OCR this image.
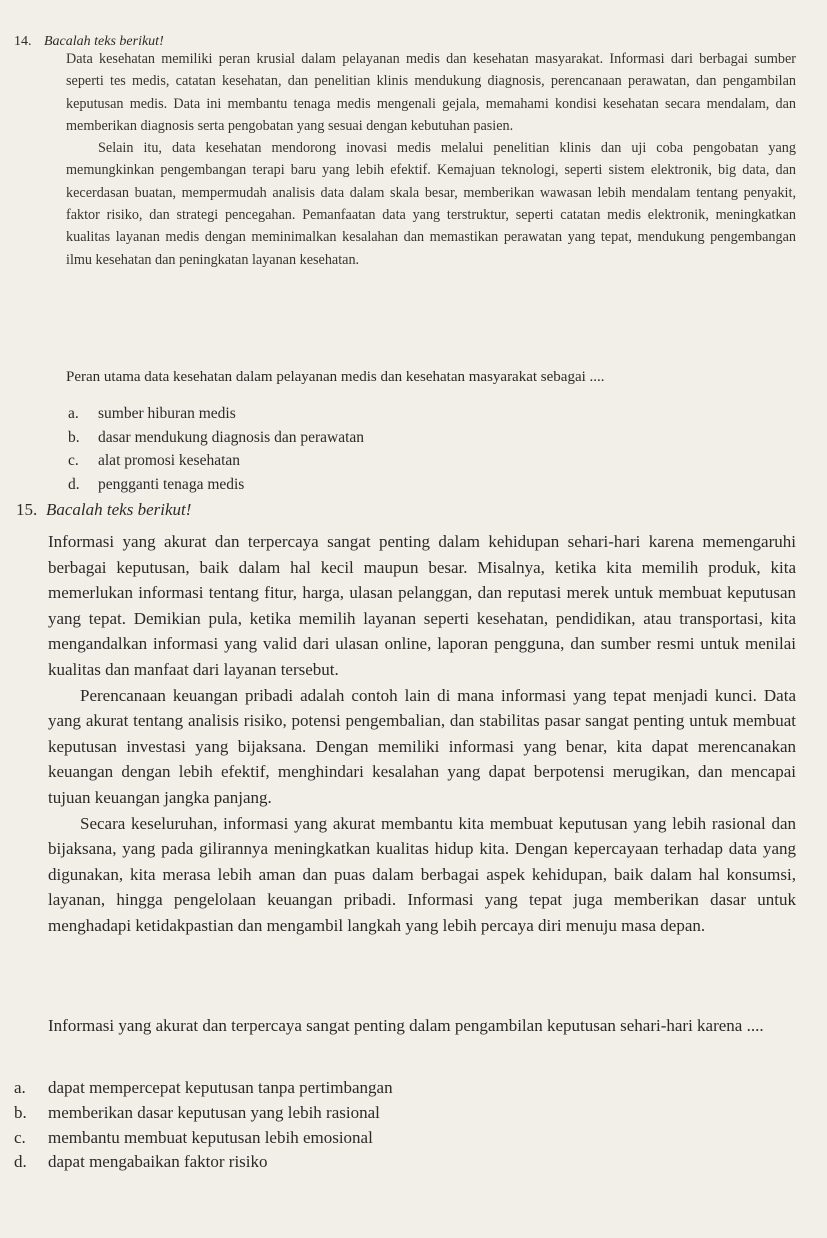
14. Bacalah teks berikut!

Data kesehatan memiliki peran krusial dalam pelayanan medis dan kesehatan masyarakat. Informasi dari berbagai sumber seperti tes medis, catatan kesehatan, dan penelitian klinis mendukung diagnosis, perencanaan perawatan, dan pengambilan keputusan medis. Data ini membantu tenaga medis mengenali gejala, memahami kondisi kesehatan secara mendalam, dan memberikan diagnosis serta pengobatan yang sesuai dengan kebutuhan pasien.

Selain itu, data kesehatan mendorong inovasi medis melalui penelitian klinis dan uji coba pengobatan yang memungkinkan pengembangan terapi baru yang lebih efektif. Kemajuan teknologi, seperti sistem elektronik, big data, dan kecerdasan buatan, mempermudah analisis data dalam skala besar, memberikan wawasan lebih mendalam tentang penyakit, faktor risiko, dan strategi pencegahan. Pemanfaatan data yang terstruktur, seperti catatan medis elektronik, meningkatkan kualitas layanan medis dengan meminimalkan kesalahan dan memastikan perawatan yang tepat, mendukung pengembangan ilmu kesehatan dan peningkatan layanan kesehatan.

Peran utama data kesehatan dalam pelayanan medis dan kesehatan masyarakat sebagai ....

a.	sumber hiburan medis
b.	dasar mendukung diagnosis dan perawatan
c.	alat promosi kesehatan
d.	pengganti tenaga medis
15. Bacalah teks berikut!

Informasi yang akurat dan terpercaya sangat penting dalam kehidupan sehari-hari karena memengaruhi berbagai keputusan, baik dalam hal kecil maupun besar. Misalnya, ketika kita memilih produk, kita memerlukan informasi tentang fitur, harga, ulasan pelanggan, dan reputasi merek untuk membuat keputusan yang tepat. Demikian pula, ketika memilih layanan seperti kesehatan, pendidikan, atau transportasi, kita mengandalkan informasi yang valid dari ulasan online, laporan pengguna, dan sumber resmi untuk menilai kualitas dan manfaat dari layanan tersebut.

Perencanaan keuangan pribadi adalah contoh lain di mana informasi yang tepat menjadi kunci. Data yang akurat tentang analisis risiko, potensi pengembalian, dan stabilitas pasar sangat penting untuk membuat keputusan investasi yang bijaksana. Dengan memiliki informasi yang benar, kita dapat merencanakan keuangan dengan lebih efektif, menghindari kesalahan yang dapat berpotensi merugikan, dan mencapai tujuan keuangan jangka panjang.

Secara keseluruhan, informasi yang akurat membantu kita membuat keputusan yang lebih rasional dan bijaksana, yang pada gilirannya meningkatkan kualitas hidup kita. Dengan kepercayaan terhadap data yang digunakan, kita merasa lebih aman dan puas dalam berbagai aspek kehidupan, baik dalam hal konsumsi, layanan, hingga pengelolaan keuangan pribadi. Informasi yang tepat juga memberikan dasar untuk menghadapi ketidakpastian dan mengambil langkah yang lebih percaya diri menuju masa depan.

Informasi yang akurat dan terpercaya sangat penting dalam pengambilan keputusan sehari-hari karena ....

a.	dapat mempercepat keputusan tanpa pertimbangan
b.	memberikan dasar keputusan yang lebih rasional
c.	membantu membuat keputusan lebih emosional
d.	dapat mengabaikan faktor risiko
